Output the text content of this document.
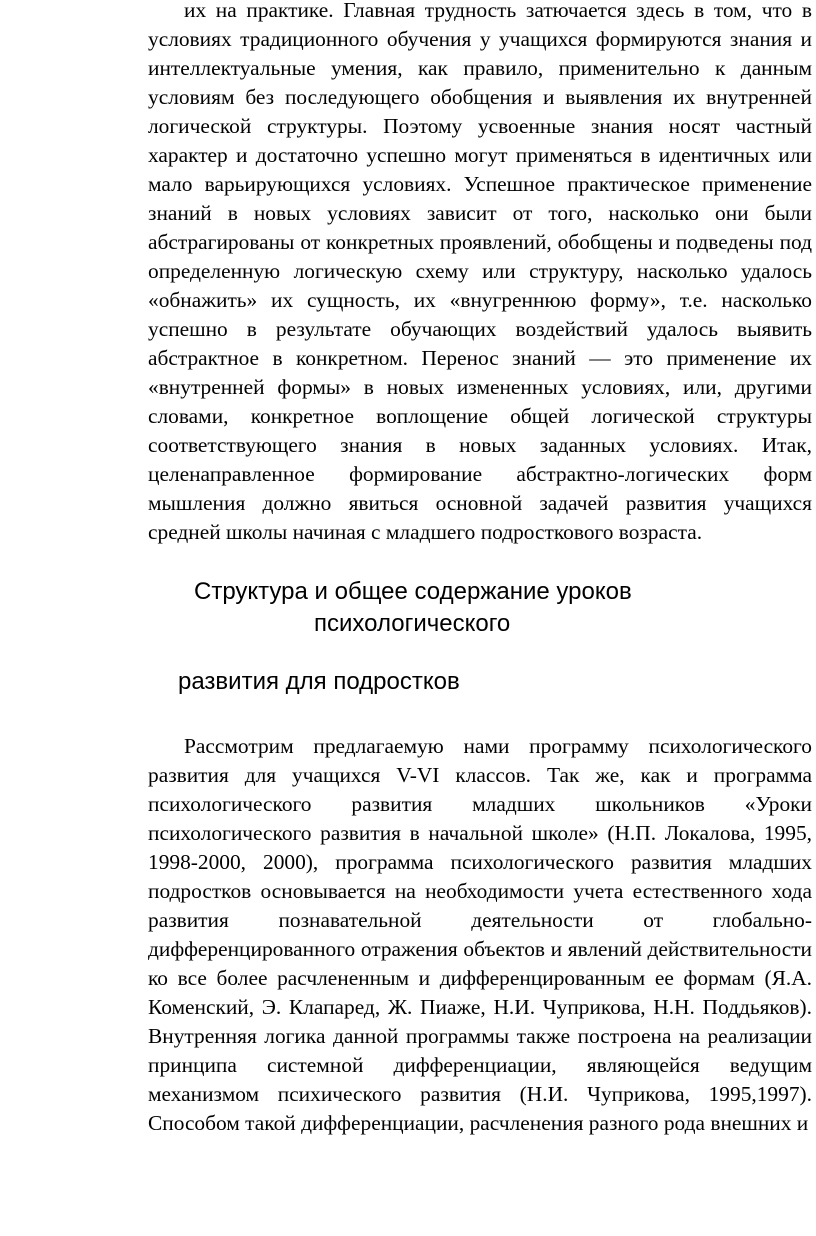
их на практике. Главная трудность затючается здесь в том, что в условиях традиционного обучения у учащихся формируются знания и интеллектуальные умения, как правило, применительно к данным условиям без последующего обобщения и выявления их внутренней логической структуры. Поэтому усвоенные знания носят частный характер и достаточно успешно могут применяться в идентичных или мало варьирующихся условиях. Успешное практическое применение знаний в новых условиях зависит от того, насколько они были абстрагированы от конкретных проявлений, обобщены и подведены под определенную логическую схему или структуру, насколько удалось «обнажить» их сущность, их «внугреннюю форму», т.е. насколько успешно в результате обучающих воздействий удалось выявить абстрактное в конкретном. Перенос знаний — это применение их «внутренней формы» в новых измененных условиях, или, другими словами, конкретное воплощение общей логической структуры соответствующего знания в новых заданных условиях. Итак, целенаправленное формирование абстрактно-логических форм мышления должно явиться основной задачей развития учащихся средней школы начиная с младшего подросткового возраста.

Структура и общее содержание уроков
психологического
развития для подростков

Рассмотрим предлагаемую нами программу психологического развития для учащихся V-VI классов. Так же, как и программа психологического развития младших школьников «Уроки психологического развития в начальной школе» (Н.П. Локалова, 1995, 1998-2000, 2000), программа психологического развития младших подростков основывается на необходимости учета естественного хода развития познавательной деятельности от глобально-дифференцированного отражения объектов и явлений действительности ко все более расчлененным и дифференцированным ее формам (Я.А. Коменский, Э. Клапаред, Ж. Пиаже, Н.И. Чуприкова, Н.Н. Поддьяков). Внутренняя логика данной программы также построена на реализации принципа системной дифференциации, являющейся ведущим механизмом психического развития (Н.И. Чуприкова, 1995,1997). Способом такой дифференциации, расчленения разного рода внешних и
